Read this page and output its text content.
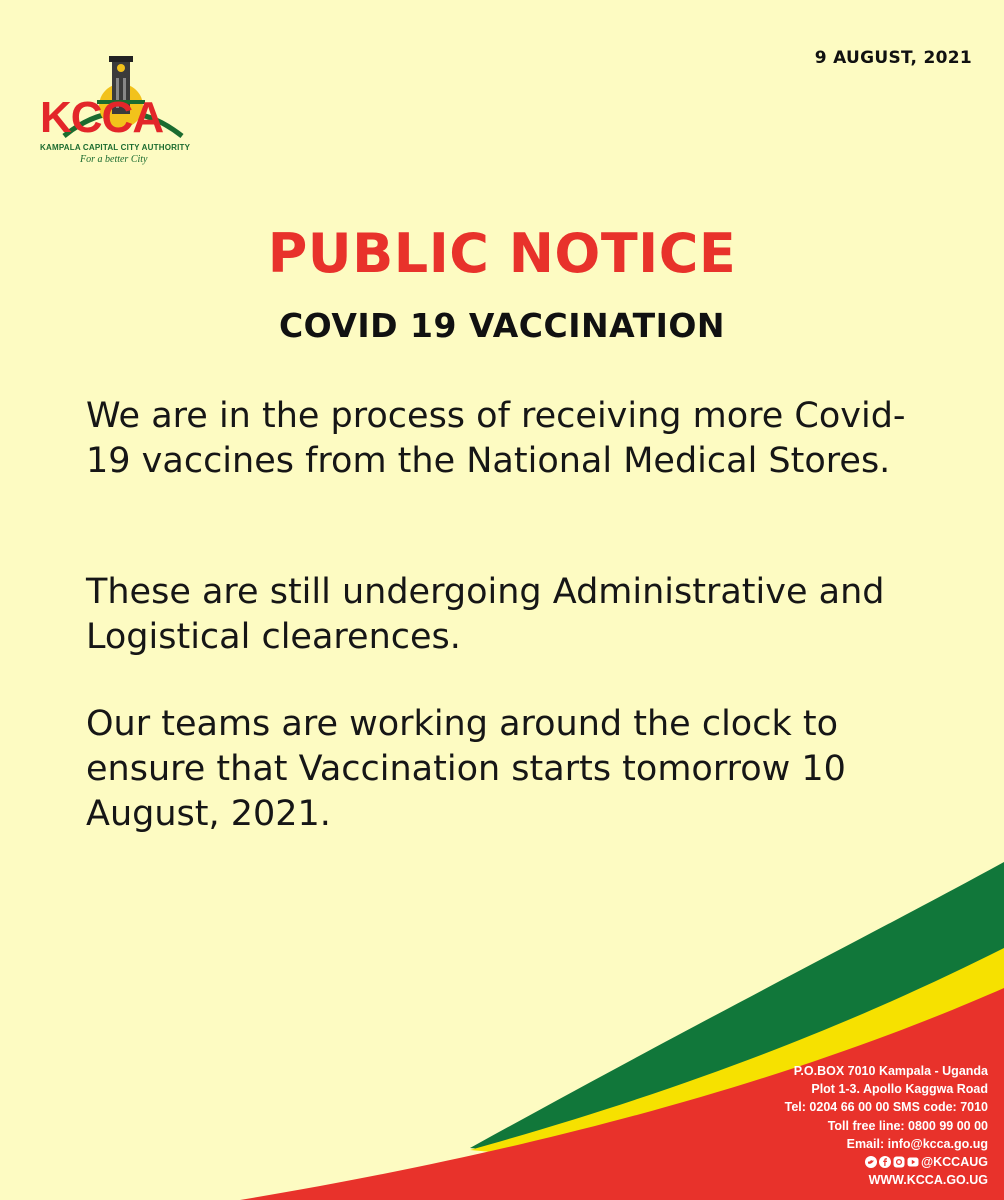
KCCA
KAMPALA CAPITAL CITY AUTHORITY
For a better City
9 AUGUST, 2021
PUBLIC NOTICE
COVID 19 VACCINATION

We are in the process of receiving more Covid-19 vaccines from the National Medical Stores.

These are still undergoing Administrative and Logistical clearences.

Our teams are working around the clock to ensure that Vaccination starts tomorrow 10 August, 2021.

P.O.BOX 7010 Kampala - Uganda
Plot 1-3. Apollo Kaggwa Road
Tel: 0204 66 00 00 SMS code: 7010
Toll free line: 0800 99 00 00
Email: info@kcca.go.ug
@KCCAUG
WWW.KCCA.GO.UG
